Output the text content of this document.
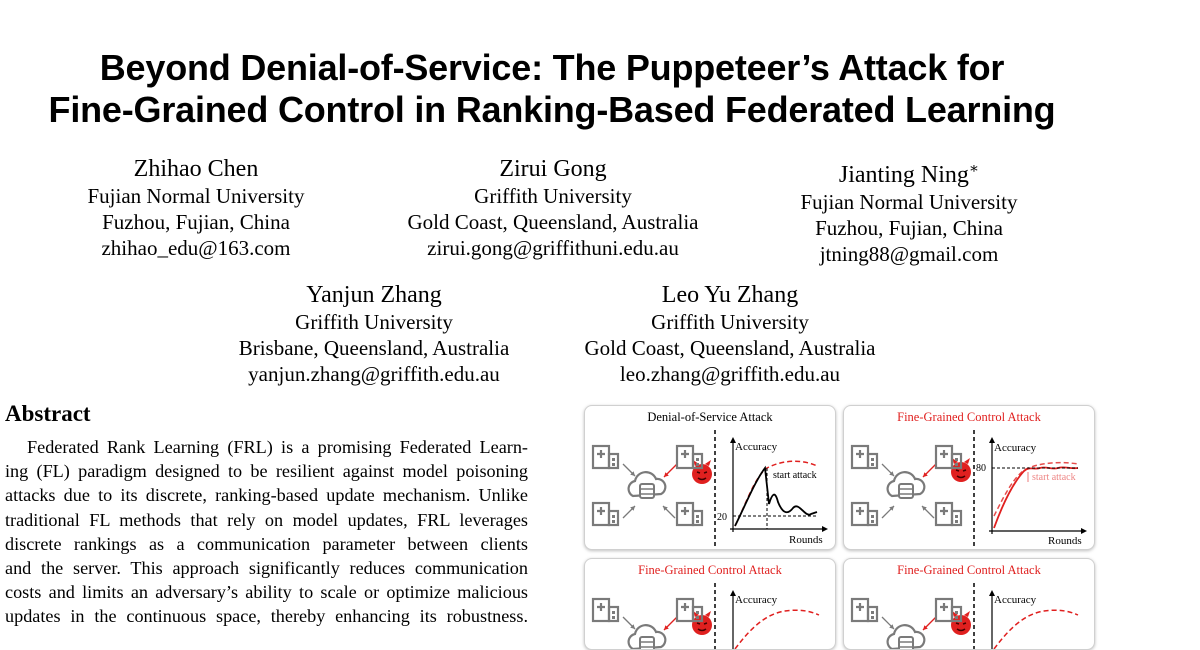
Beyond Denial-of-Service: The Puppeteer’s Attack for
Fine-Grained Control in Ranking-Based Federated Learning
Zhihao Chen
Fujian Normal University
Fuzhou, Fujian, China
zhihao_edu@163.com
Zirui Gong
Griffith University
Gold Coast, Queensland, Australia
zirui.gong@griffithuni.edu.au
Jianting Ning∗
Fujian Normal University
Fuzhou, Fujian, China
jtning88@gmail.com
Yanjun Zhang
Griffith University
Brisbane, Queensland, Australia
yanjun.zhang@griffith.edu.au
Leo Yu Zhang
Griffith University
Gold Coast, Queensland, Australia
leo.zhang@griffith.edu.au
Abstract
Federated Rank Learning (FRL) is a promising Federated Learn-
ing (FL) paradigm designed to be resilient against model poisoning
attacks due to its discrete, ranking-based update mechanism. Unlike
traditional FL methods that rely on model updates, FRL leverages
discrete rankings as a communication parameter between clients
and the server. This approach significantly reduces communication
costs and limits an adversary’s ability to scale or optimize malicious
updates in the continuous space, thereby enhancing its robustness.
Denial-of-Service Attack
Accuracy
Rounds
start attack
20
Fine-Grained Control Attack
Accuracy
Rounds
start attack
80
Fine-Grained Control Attack
Accuracy
Fine-Grained Control Attack
Accuracy
